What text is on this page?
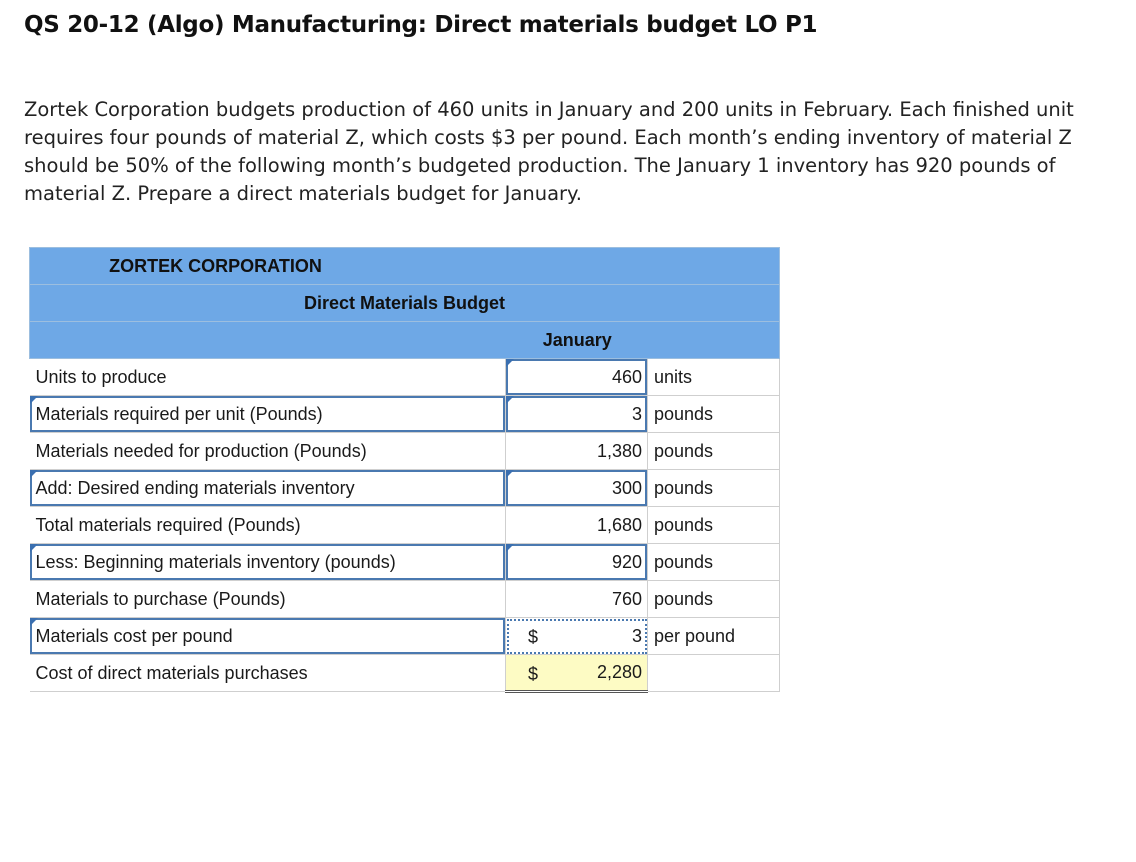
QS 20-12 (Algo) Manufacturing: Direct materials budget LO P1
Zortek Corporation budgets production of 460 units in January and 200 units in February. Each finished unit requires four pounds of material Z, which costs $3 per pound. Each month’s ending inventory of material Z should be 50% of the following month’s budgeted production. The January 1 inventory has 920 pounds of material Z. Prepare a direct materials budget for January.
ZORTEK CORPORATION		
Direct Materials Budget		
	January	
Units to produce	460	units
Materials required per unit (Pounds)	3	pounds
Materials needed for production (Pounds)	1,380	pounds
Add: Desired ending materials inventory	300	pounds
Total materials required (Pounds)	1,680	pounds
Less: Beginning materials inventory (pounds)	920	pounds
Materials to purchase (Pounds)	760	pounds
Materials cost per pound	$ 3	per pound
Cost of direct materials purchases	$ 2,280	
